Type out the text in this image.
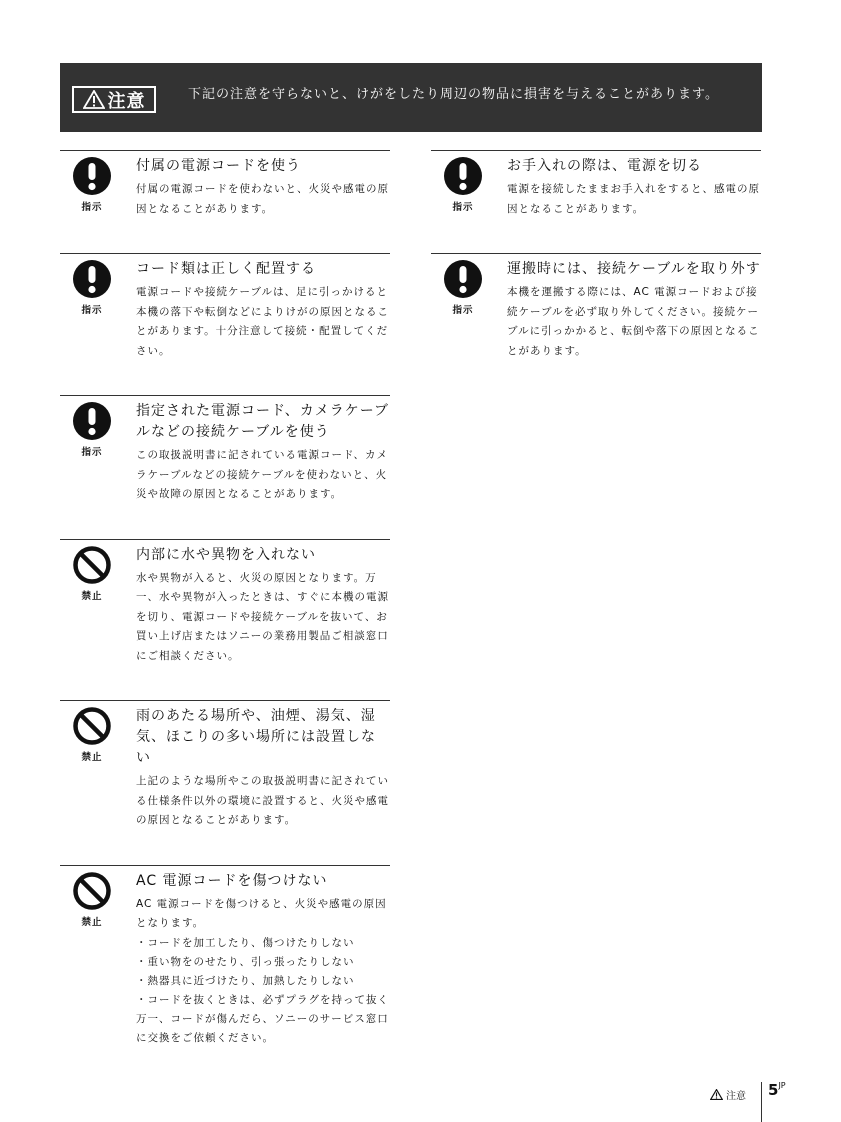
注意	下記の注意を守らないと、けがをしたり周辺の物品に損害を与えることがあります。
指示
付属の電源コードを使う
付属の電源コードを使わないと、火災や感電の原因となることがあります。
指示
コード類は正しく配置する
電源コードや接続ケーブルは、足に引っかけると本機の落下や転倒などによりけがの原因となることがあります。十分注意して接続・配置してください。
指示
指定された電源コード、カメラケーブルなどの接続ケーブルを使う
この取扱説明書に記されている電源コード、カメラケーブルなどの接続ケーブルを使わないと、火災や故障の原因となることがあります。
禁止
内部に水や異物を入れない
水や異物が入ると、火災の原因となります。万一、水や異物が入ったときは、すぐに本機の電源を切り、電源コードや接続ケーブルを抜いて、お買い上げ店またはソニーの業務用製品ご相談窓口にご相談ください。
禁止
雨のあたる場所や、油煙、湯気、湿気、ほこりの多い場所には設置しない
上記のような場所やこの取扱説明書に記されている仕様条件以外の環境に設置すると、火災や感電の原因となることがあります。
禁止
AC 電源コードを傷つけない
AC 電源コードを傷つけると、火災や感電の原因となります。
・コードを加工したり、傷つけたりしない
・重い物をのせたり、引っ張ったりしない
・熱器具に近づけたり、加熱したりしない
・コードを抜くときは、必ずプラグを持って抜く
万一、コードが傷んだら、ソニーのサービス窓口に交換をご依頼ください。
指示
お手入れの際は、電源を切る
電源を接続したままお手入れをすると、感電の原因となることがあります。
指示
運搬時には、接続ケーブルを取り外す
本機を運搬する際には、AC 電源コードおよび接続ケーブルを必ず取り外してください。接続ケーブルに引っかかると、転倒や落下の原因となることがあります。
注意 $5^{JP}$
